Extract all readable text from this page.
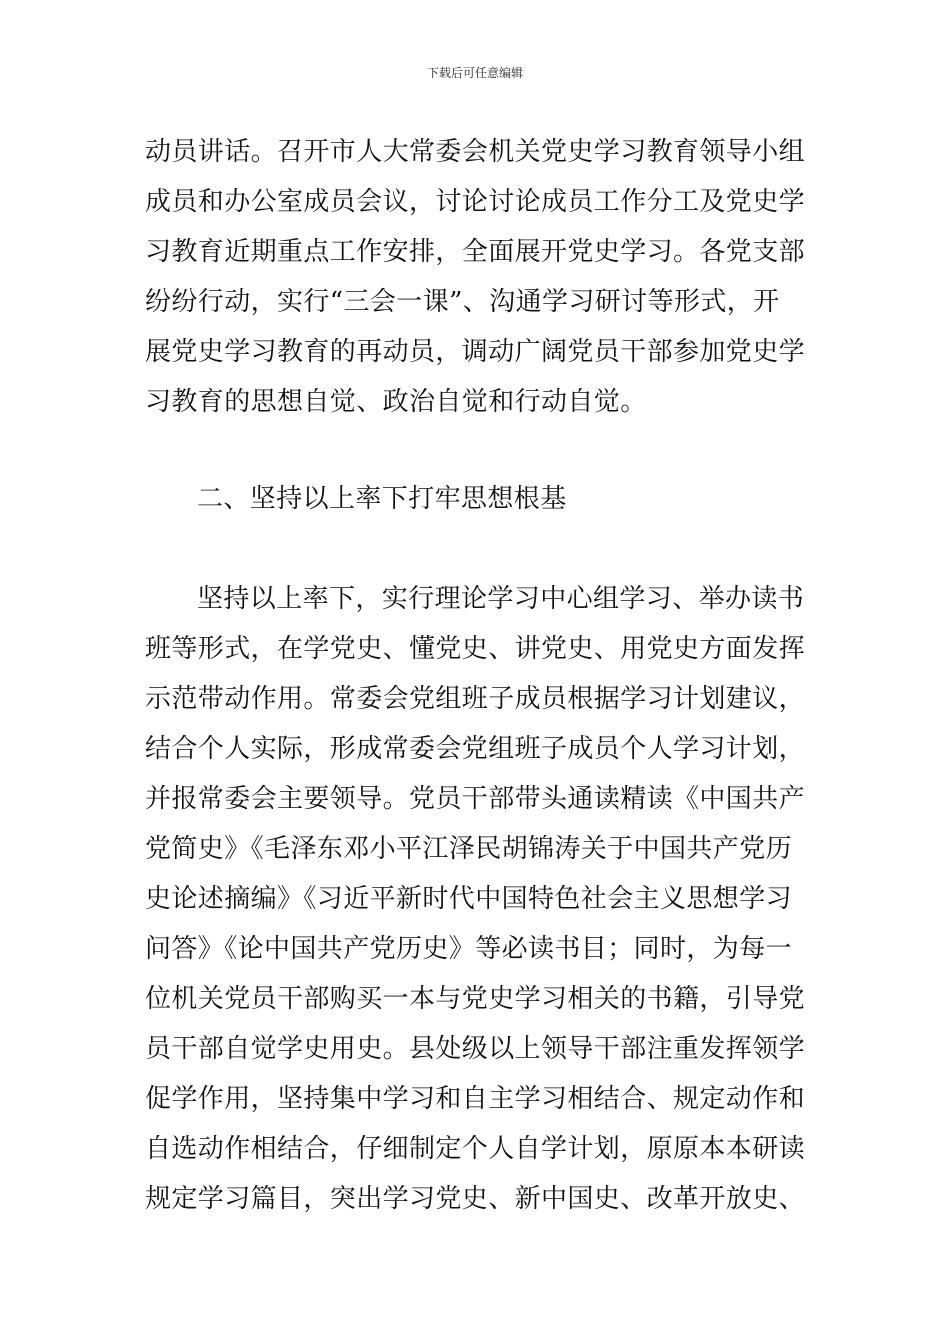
下载后可任意编辑
动员讲话。召开市人大常委会机关党史学习教育领导小组
成员和办公室成员会议，讨论讨论成员工作分工及党史学
习教育近期重点工作安排，全面展开党史学习。各党支部
纷纷行动，实行“三会一课”、沟通学习研讨等形式，开
展党史学习教育的再动员，调动广阔党员干部参加党史学
习教育的思想自觉、政治自觉和行动自觉。
二、坚持以上率下打牢思想根基
坚持以上率下，实行理论学习中心组学习、举办读书
班等形式，在学党史、懂党史、讲党史、用党史方面发挥
示范带动作用。常委会党组班子成员根据学习计划建议，
结合个人实际，形成常委会党组班子成员个人学习计划，
并报常委会主要领导。党员干部带头通读精读《中国共产
党简史》《毛泽东邓小平江泽民胡锦涛关于中国共产党历
史论述摘编》《习近平新时代中国特色社会主义思想学习
问答》《论中国共产党历史》等必读书目；同时，为每一
位机关党员干部购买一本与党史学习相关的书籍，引导党
员干部自觉学史用史。县处级以上领导干部注重发挥领学
促学作用，坚持集中学习和自主学习相结合、规定动作和
自选动作相结合，仔细制定个人自学计划，原原本本研读
规定学习篇目，突出学习党史、新中国史、改革开放史、
